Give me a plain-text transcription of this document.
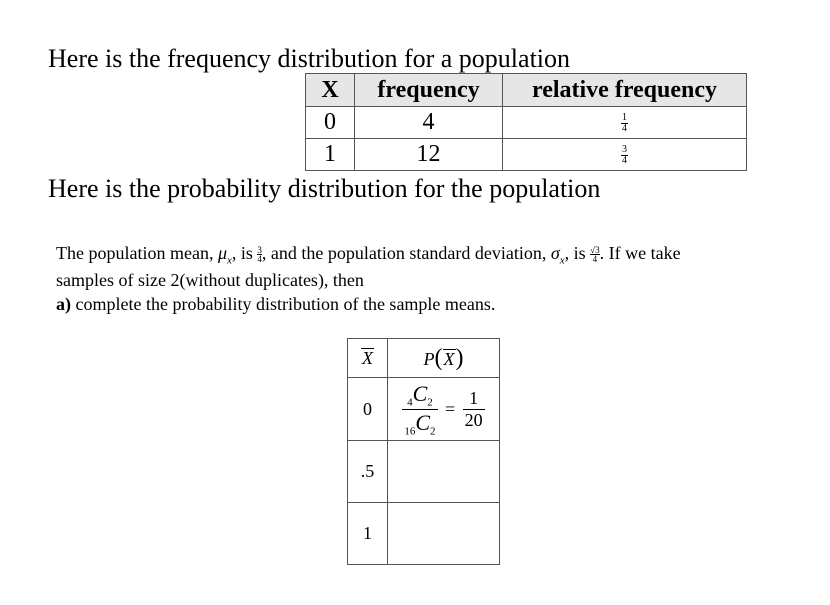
Here is the frequency distribution for a population
X	frequency	relative frequency
0	4	$\frac{1}{4}$

1	12	$\frac{3}{4}$
Here is the probability distribution for the population
The population mean, $\mu_x$, is $\frac{3}{4}$ , and the population standard deviation, $\sigma_x$, is $\frac{√3}{4}$ . If we take
samples of size 2(without duplicates), then
a) complete the probability distribution of the sample means.
X	P(X)
0	$\frac{_4C_2}{_{16}C_2} = \frac{1}{20}$

.5	
1	
